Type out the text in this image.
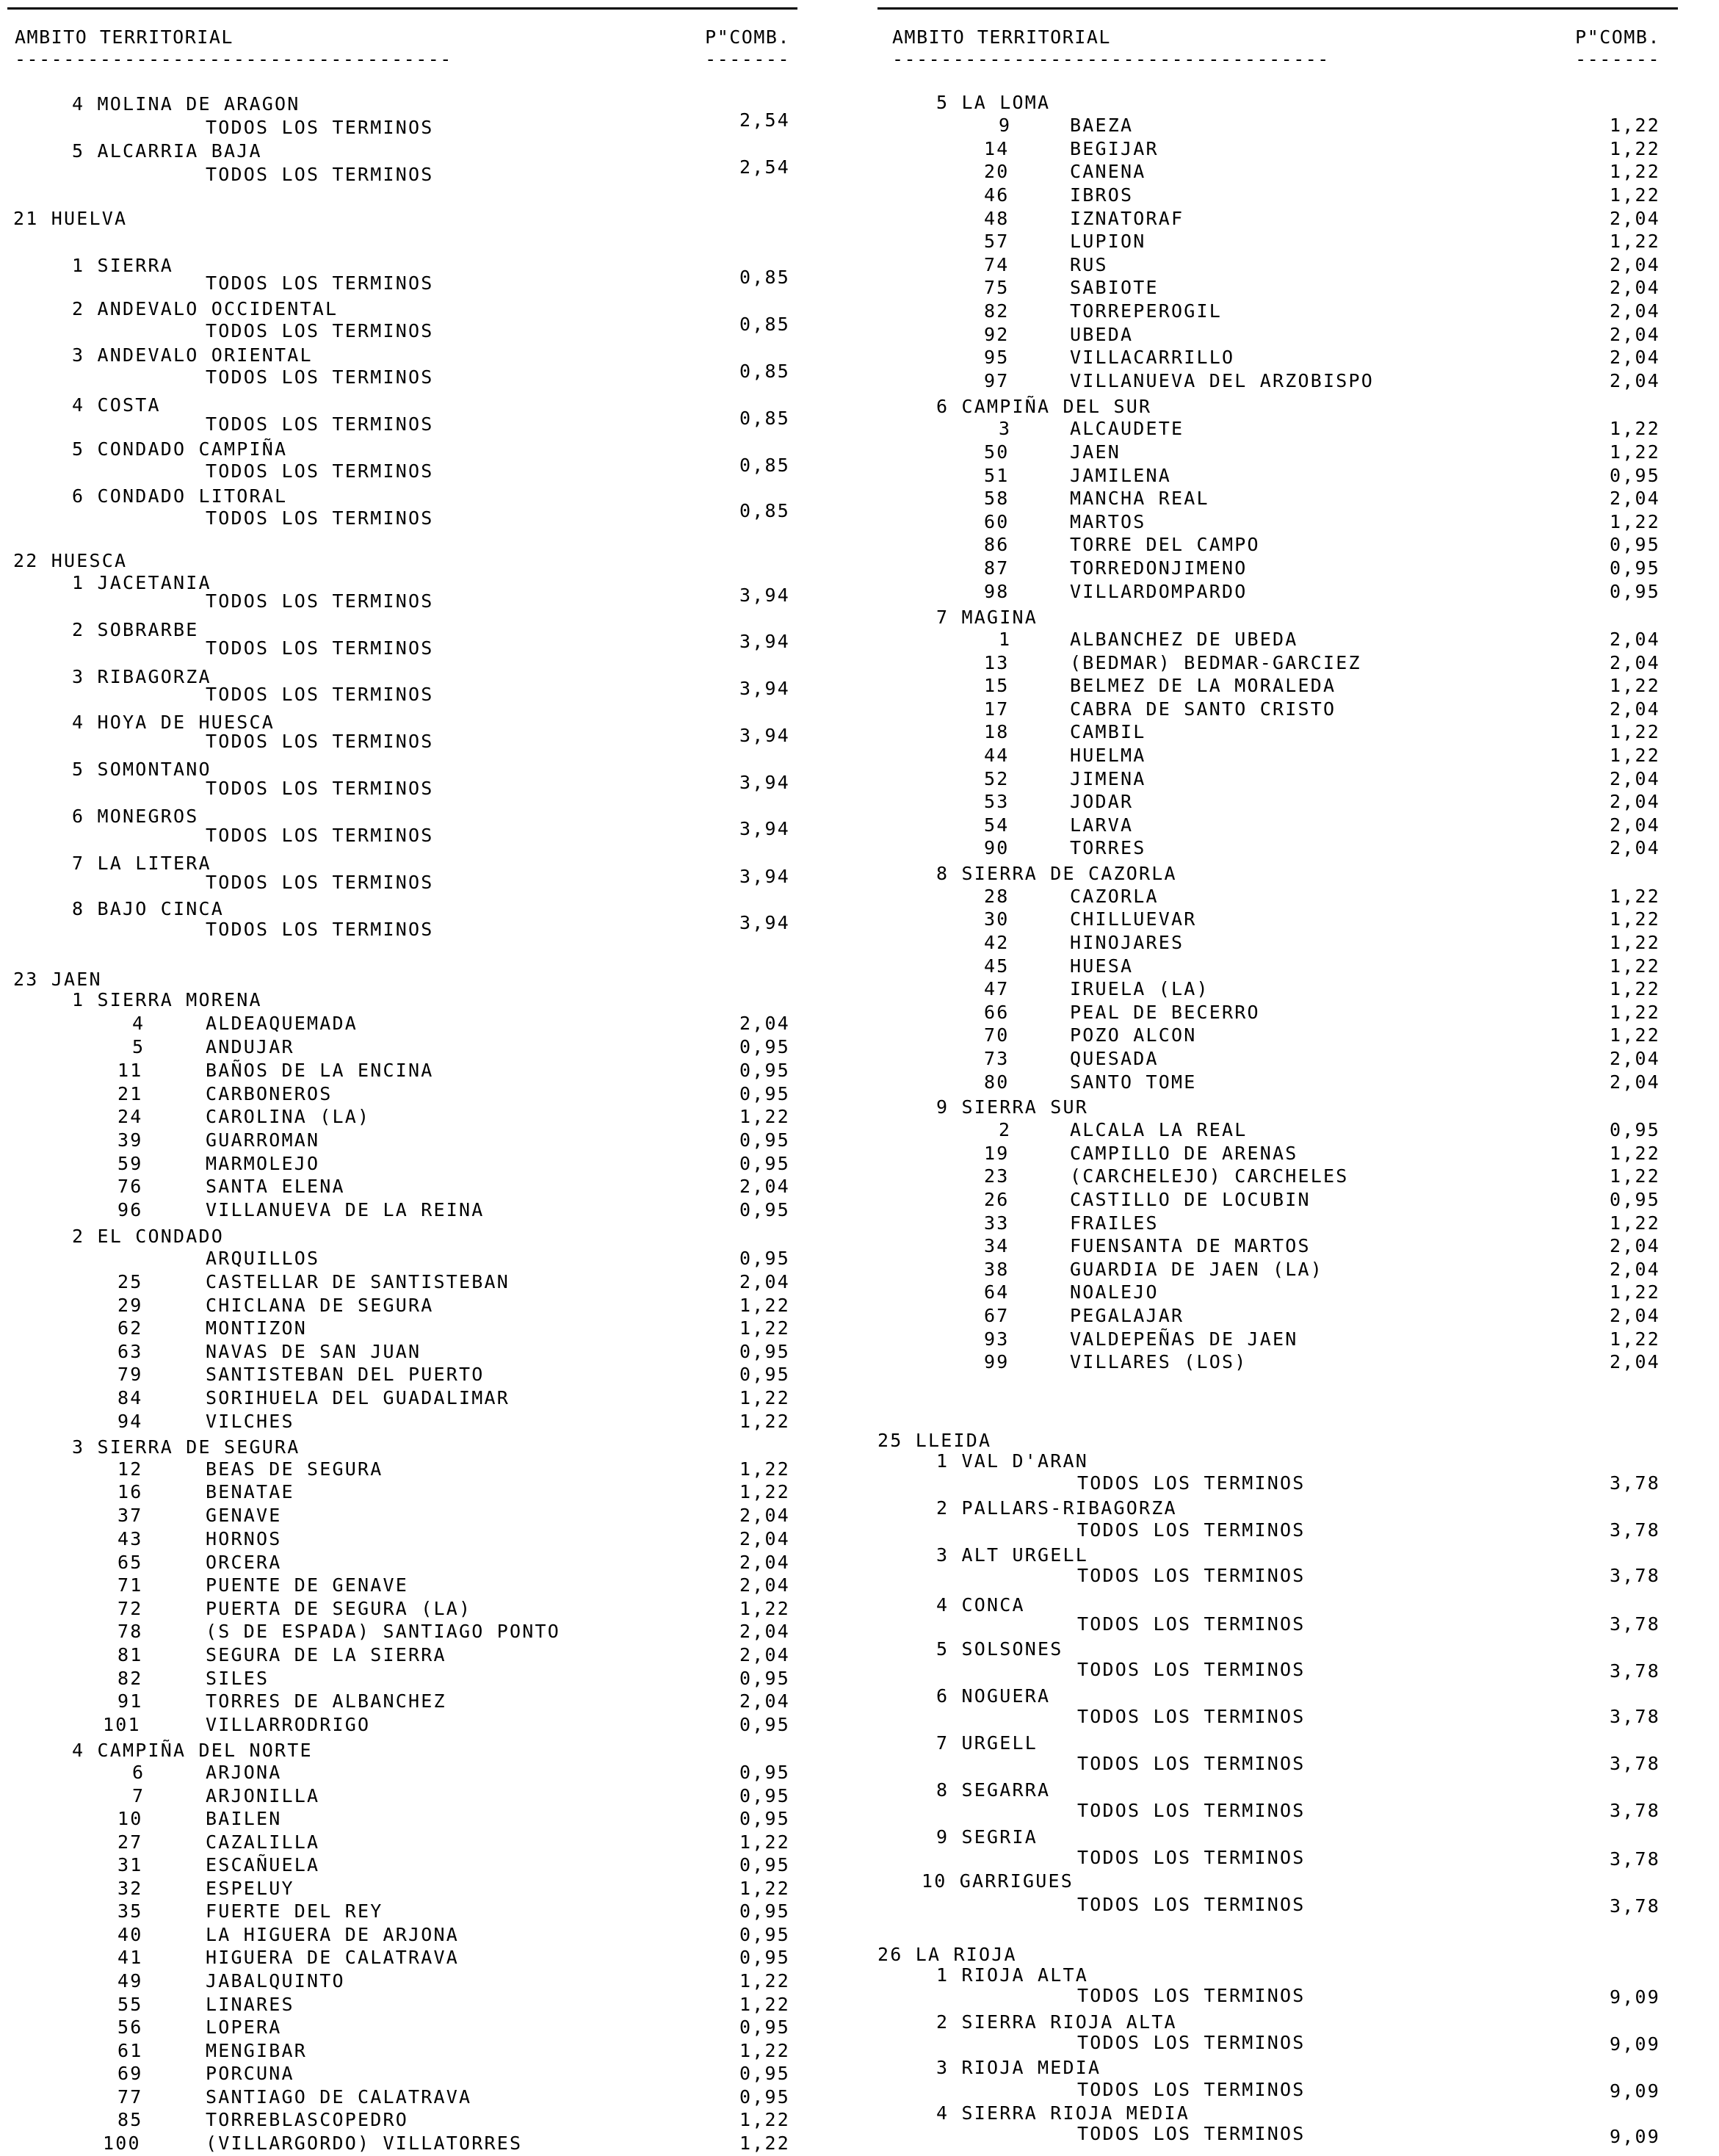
AMBITO TERRITORIAL	P"COMB.
------------------------------------	-------
4 MOLINA DE ARAGON
TODOS LOS TERMINOS	2,54
5 ALCARRIA BAJA
TODOS LOS TERMINOS	2,54
21 HUELVA
1 SIERRA
TODOS LOS TERMINOS	0,85
2 ANDEVALO OCCIDENTAL
TODOS LOS TERMINOS	0,85
3 ANDEVALO ORIENTAL
TODOS LOS TERMINOS	0,85
4 COSTA
TODOS LOS TERMINOS	0,85
5 CONDADO CAMPIÑA
TODOS LOS TERMINOS	0,85
6 CONDADO LITORAL
TODOS LOS TERMINOS	0,85
22 HUESCA
1 JACETANIA
TODOS LOS TERMINOS	3,94
2 SOBRARBE
TODOS LOS TERMINOS	3,94
3 RIBAGORZA
TODOS LOS TERMINOS	3,94
4 HOYA DE HUESCA
TODOS LOS TERMINOS	3,94
5 SOMONTANO
TODOS LOS TERMINOS	3,94
6 MONEGROS
TODOS LOS TERMINOS	3,94
7 LA LITERA
TODOS LOS TERMINOS	3,94
8 BAJO CINCA
TODOS LOS TERMINOS	3,94
23 JAEN
1 SIERRA MORENA
4	ALDEAQUEMADA	2,04
5	ANDUJAR	0,95
11	BAÑOS DE LA ENCINA	0,95
21	CARBONEROS	0,95
24	CAROLINA (LA)	1,22
39	GUARROMAN	0,95
59	MARMOLEJO	0,95
76	SANTA ELENA	2,04
96	VILLANUEVA DE LA REINA	0,95
2 EL CONDADO
ARQUILLOS	0,95
25	CASTELLAR DE SANTISTEBAN	2,04
29	CHICLANA DE SEGURA	1,22
62	MONTIZON	1,22
63	NAVAS DE SAN JUAN	0,95
79	SANTISTEBAN DEL PUERTO	0,95
84	SORIHUELA DEL GUADALIMAR	1,22
94	VILCHES	1,22
3 SIERRA DE SEGURA
12	BEAS DE SEGURA	1,22
16	BENATAE	1,22
37	GENAVE	2,04
43	HORNOS	2,04
65	ORCERA	2,04
71	PUENTE DE GENAVE	2,04
72	PUERTA DE SEGURA (LA)	1,22
78	(S DE ESPADA) SANTIAGO PONTO	2,04
81	SEGURA DE LA SIERRA	2,04
82	SILES	0,95
91	TORRES DE ALBANCHEZ	2,04
101	VILLARRODRIGO	0,95
4 CAMPIÑA DEL NORTE
6	ARJONA	0,95
7	ARJONILLA	0,95
10	BAILEN	0,95
27	CAZALILLA	1,22
31	ESCAÑUELA	0,95
32	ESPELUY	1,22
35	FUERTE DEL REY	0,95
40	LA HIGUERA DE ARJONA	0,95
41	HIGUERA DE CALATRAVA	0,95
49	JABALQUINTO	1,22
55	LINARES	1,22
56	LOPERA	0,95
61	MENGIBAR	1,22
69	PORCUNA	0,95
77	SANTIAGO DE CALATRAVA	0,95
85	TORREBLASCOPEDRO	1,22
100	(VILLARGORDO) VILLATORRES	1,22
AMBITO TERRITORIAL	P"COMB.
------------------------------------	-------
5 LA LOMA
9	BAEZA	1,22
14	BEGIJAR	1,22
20	CANENA	1,22
46	IBROS	1,22
48	IZNATORAF	2,04
57	LUPION	1,22
74	RUS	2,04
75	SABIOTE	2,04
82	TORREPEROGIL	2,04
92	UBEDA	2,04
95	VILLACARRILLO	2,04
97	VILLANUEVA DEL ARZOBISPO	2,04
6 CAMPIÑA DEL SUR
3	ALCAUDETE	1,22
50	JAEN	1,22
51	JAMILENA	0,95
58	MANCHA REAL	2,04
60	MARTOS	1,22
86	TORRE DEL CAMPO	0,95
87	TORREDONJIMENO	0,95
98	VILLARDOMPARDO	0,95
7 MAGINA
1	ALBANCHEZ DE UBEDA	2,04
13	(BEDMAR) BEDMAR-GARCIEZ	2,04
15	BELMEZ DE LA MORALEDA	1,22
17	CABRA DE SANTO CRISTO	2,04
18	CAMBIL	1,22
44	HUELMA	1,22
52	JIMENA	2,04
53	JODAR	2,04
54	LARVA	2,04
90	TORRES	2,04
8 SIERRA DE CAZORLA
28	CAZORLA	1,22
30	CHILLUEVAR	1,22
42	HINOJARES	1,22
45	HUESA	1,22
47	IRUELA (LA)	1,22
66	PEAL DE BECERRO	1,22
70	POZO ALCON	1,22
73	QUESADA	2,04
80	SANTO TOME	2,04
9 SIERRA SUR
2	ALCALA LA REAL	0,95
19	CAMPILLO DE ARENAS	1,22
23	(CARCHELEJO) CARCHELES	1,22
26	CASTILLO DE LOCUBIN	0,95
33	FRAILES	1,22
34	FUENSANTA DE MARTOS	2,04
38	GUARDIA DE JAEN (LA)	2,04
64	NOALEJO	1,22
67	PEGALAJAR	2,04
93	VALDEPEÑAS DE JAEN	1,22
99	VILLARES (LOS)	2,04
25 LLEIDA
1 VAL D'ARAN
TODOS LOS TERMINOS	3,78
2 PALLARS-RIBAGORZA
TODOS LOS TERMINOS	3,78
3 ALT URGELL
TODOS LOS TERMINOS	3,78
4 CONCA
TODOS LOS TERMINOS	3,78
5 SOLSONES
TODOS LOS TERMINOS	3,78
6 NOGUERA
TODOS LOS TERMINOS	3,78
7 URGELL
TODOS LOS TERMINOS	3,78
8 SEGARRA
TODOS LOS TERMINOS	3,78
9 SEGRIA
TODOS LOS TERMINOS	3,78
10 GARRIGUES
TODOS LOS TERMINOS	3,78
26 LA RIOJA
1 RIOJA ALTA
TODOS LOS TERMINOS	9,09
2 SIERRA RIOJA ALTA
TODOS LOS TERMINOS	9,09
3 RIOJA MEDIA
TODOS LOS TERMINOS	9,09
4 SIERRA RIOJA MEDIA
TODOS LOS TERMINOS	9,09
